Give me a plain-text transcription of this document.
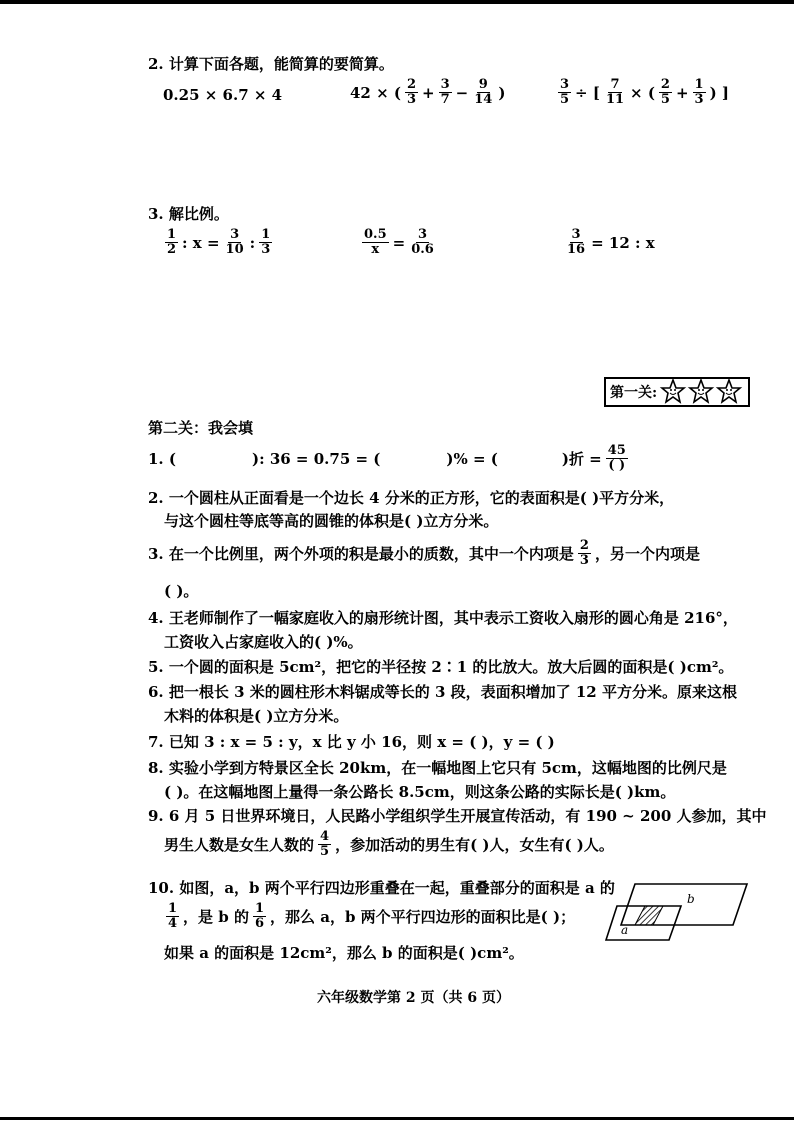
2. 计算下面各题，能简算的要简算。
0.25 × 6.7 × 4	42 × ( $\frac{2}{3} + \frac{3}{7} - \frac{9}{14}$ )	$\frac{3}{5}$ ÷ [ $\frac{7}{11}$ × ( $\frac{2}{5} + \frac{1}{3}$ ) ]
3. 解比例。
$\frac{1}{2}$ : $x = \frac{3}{10}$ : $\frac{1}{3}$	$\frac{0.5}{x} = \frac{3}{0.6}$	$\frac{3}{16} = 12$ : x
第一关:
第二关：我会填
1. (	): 36 = 0.75 = (	)% = (	)折 = $\frac{45}{( )}$
2. 一个圆柱从正面看是一个边长 4 分米的正方形，它的表面积是( )平方分米，
与这个圆柱等底等高的圆锥的体积是( )立方分米。
3. 在一个比例里，两个外项的积是最小的质数，其中一个内项是 $\frac{2}{3}$ ，另一个内项是
( )。
4. 王老师制作了一幅家庭收入的扇形统计图，其中表示工资收入扇形的圆心角是 216°，
工资收入占家庭收入的( )%。
5. 一个圆的面积是 5cm²，把它的半径按 2∶1 的比放大。放大后圆的面积是( )cm²。
6. 把一根长 3 米的圆柱形木料锯成等长的 3 段，表面积增加了 12 平方分米。原来这根
木料的体积是( )立方分米。
7. 已知 3 : x = 5 : y，x 比 y 小 16，则 x = ( )，y = ( )
8. 实验小学到方特景区全长 20km，在一幅地图上它只有 5cm，这幅地图的比例尺是
( )。在这幅地图上量得一条公路长 8.5cm，则这条公路的实际长是( )km。
9. 6 月 5 日世界环境日，人民路小学组织学生开展宣传活动，有 190 ~ 200 人参加，其中
男生人数是女生人数的 $\frac{4}{5}$ ，参加活动的男生有( )人，女生有( )人。
10. 如图，a，b 两个平行四边形重叠在一起，重叠部分的面积是 a 的
$\frac{1}{4}$ ，是 b 的 $\frac{1}{6}$ ，那么 a，b 两个平行四边形的面积比是( )；
如果 a 的面积是 12cm²，那么 b 的面积是( )cm²。
a
b
六年级数学第 2 页（共 6 页）
